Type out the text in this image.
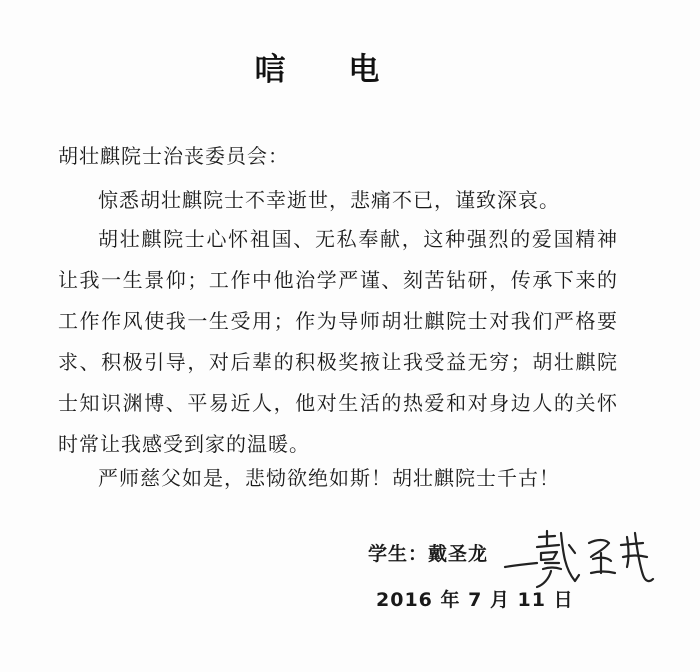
唁 电
胡壮麒院士治丧委员会：

惊悉胡壮麒院士不幸逝世，悲痛不已，谨致深哀。

胡壮麒院士心怀祖国、无私奉献，这种强烈的爱国精神让我一生景仰；工作中他治学严谨、刻苦钻研，传承下来的工作作风使我一生受用；作为导师胡壮麒院士对我们严格要求、积极引导，对后辈的积极奖掖让我受益无穷；胡壮麒院士知识渊博、平易近人，他对生活的热爱和对身边人的关怀时常让我感受到家的温暖。

严师慈父如是，悲恸欲绝如斯！胡壮麒院士千古！
学生：戴圣龙
2016 年 7 月 11 日
